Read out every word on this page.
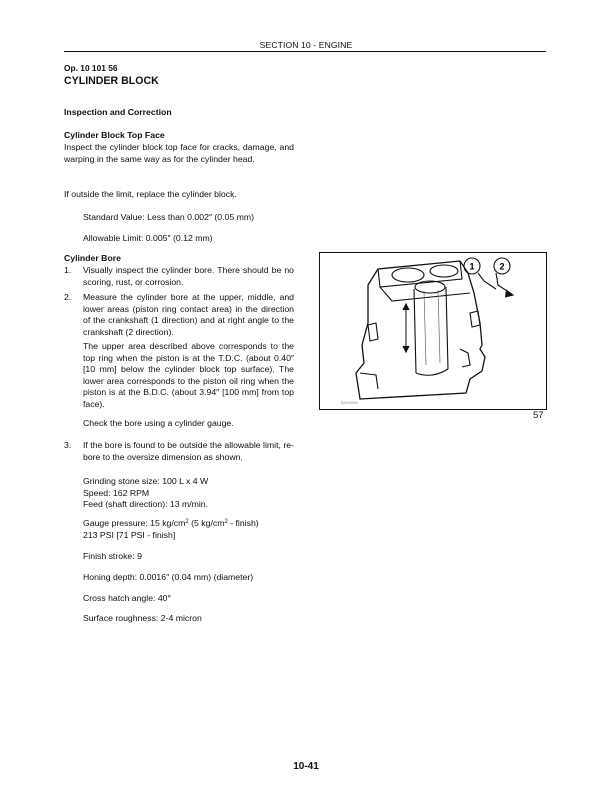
SECTION 10 - ENGINE
Op. 10 101 56
CYLINDER BLOCK
Inspection and Correction
Cylinder Block Top Face
Inspect the cylinder block top face for cracks, damage, and warping in the same way as for the cylinder head.
If outside the limit, replace the cylinder block.
Standard Value: Less than 0.002″ (0.05 mm)
Allowable Limit: 0.005″ (0.12 mm)
Cylinder Bore
1. Visually inspect the cylinder bore. There should be no scoring, rust, or corrosion.
2. Measure the cylinder bore at the upper, middle, and lower areas (piston ring contact area) in the direction of the crankshaft (1 direction) and at right angle to the crankshaft (2 direction).
The upper area described above corresponds to the top ring when the piston is at the T.D.C. (about 0.40″ [10 mm] below the cylinder block top surface). The lower area corresponds to the piston oil ring when the piston is at the B.D.C. (about 3.94″ [100 mm] from top face).
Check the bore using a cylinder gauge.
3. If the bore is found to be outside the allowable limit, re-bore to the oversize dimension as shown.
Grinding stone size: 100 L x 4 W
Speed: 162 RPM
Feed (shaft direction): 13 m/min.
Gauge pressure: 15 $kg/cm^2$ (5 $kg/cm^2$ - finish)
213 PSI [71 PSI - finish]
Finish stroke: 9
Honing depth: 0.0016″ (0.04 mm) (diameter)
Cross hatch angle: 40°
Surface roughness: 2-4 micron
1	2
BH02056
57
10-41
